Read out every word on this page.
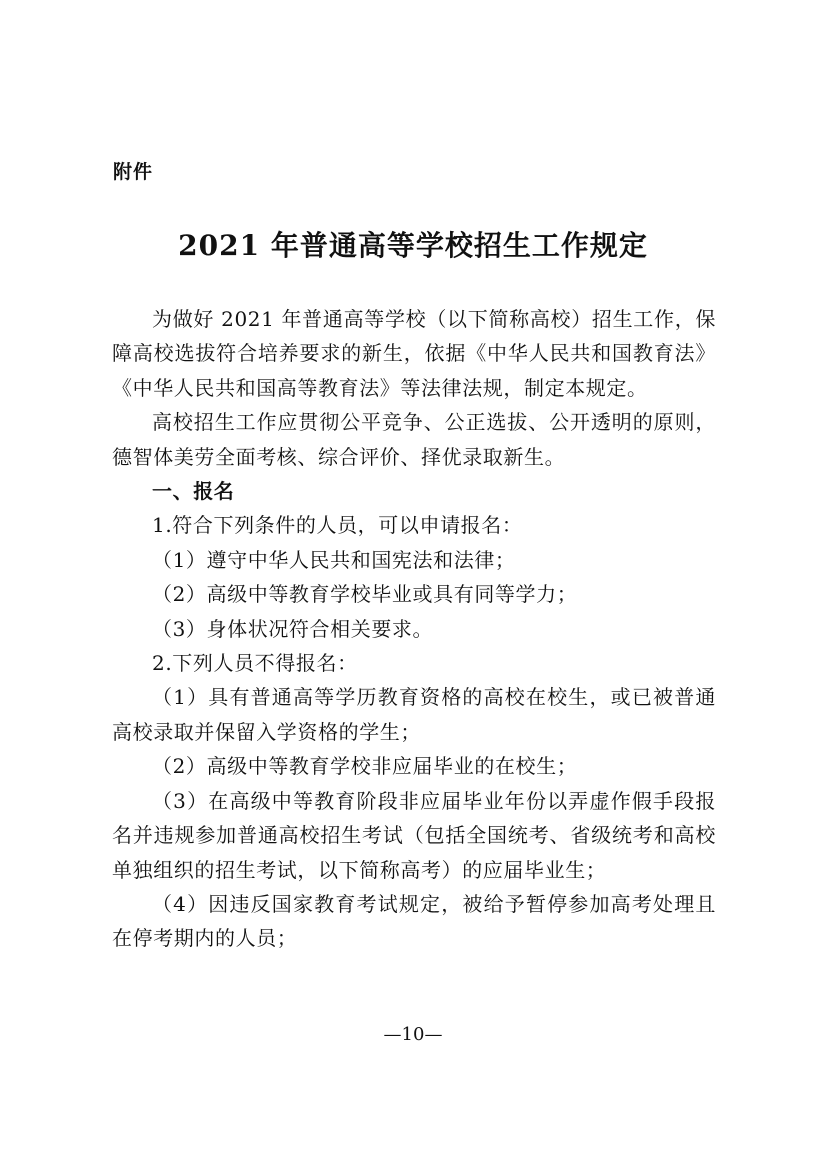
附件
2021 年普通高等学校招生工作规定

为做好 2021 年普通高等学校（以下简称高校）招生工作，保障高校选拔符合培养要求的新生，依据《中华人民共和国教育法》《中华人民共和国高等教育法》等法律法规，制定本规定。

高校招生工作应贯彻公平竞争、公正选拔、公开透明的原则，德智体美劳全面考核、综合评价、择优录取新生。

一、报名

1.符合下列条件的人员，可以申请报名：

（1）遵守中华人民共和国宪法和法律；

（2）高级中等教育学校毕业或具有同等学力；

（3）身体状况符合相关要求。

2.下列人员不得报名：

（1）具有普通高等学历教育资格的高校在校生，或已被普通高校录取并保留入学资格的学生；

（2）高级中等教育学校非应届毕业的在校生；

（3）在高级中等教育阶段非应届毕业年份以弄虚作假手段报名并违规参加普通高校招生考试（包括全国统考、省级统考和高校单独组织的招生考试，以下简称高考）的应届毕业生；

（4）因违反国家教育考试规定，被给予暂停参加高考处理且在停考期内的人员；

—10—
